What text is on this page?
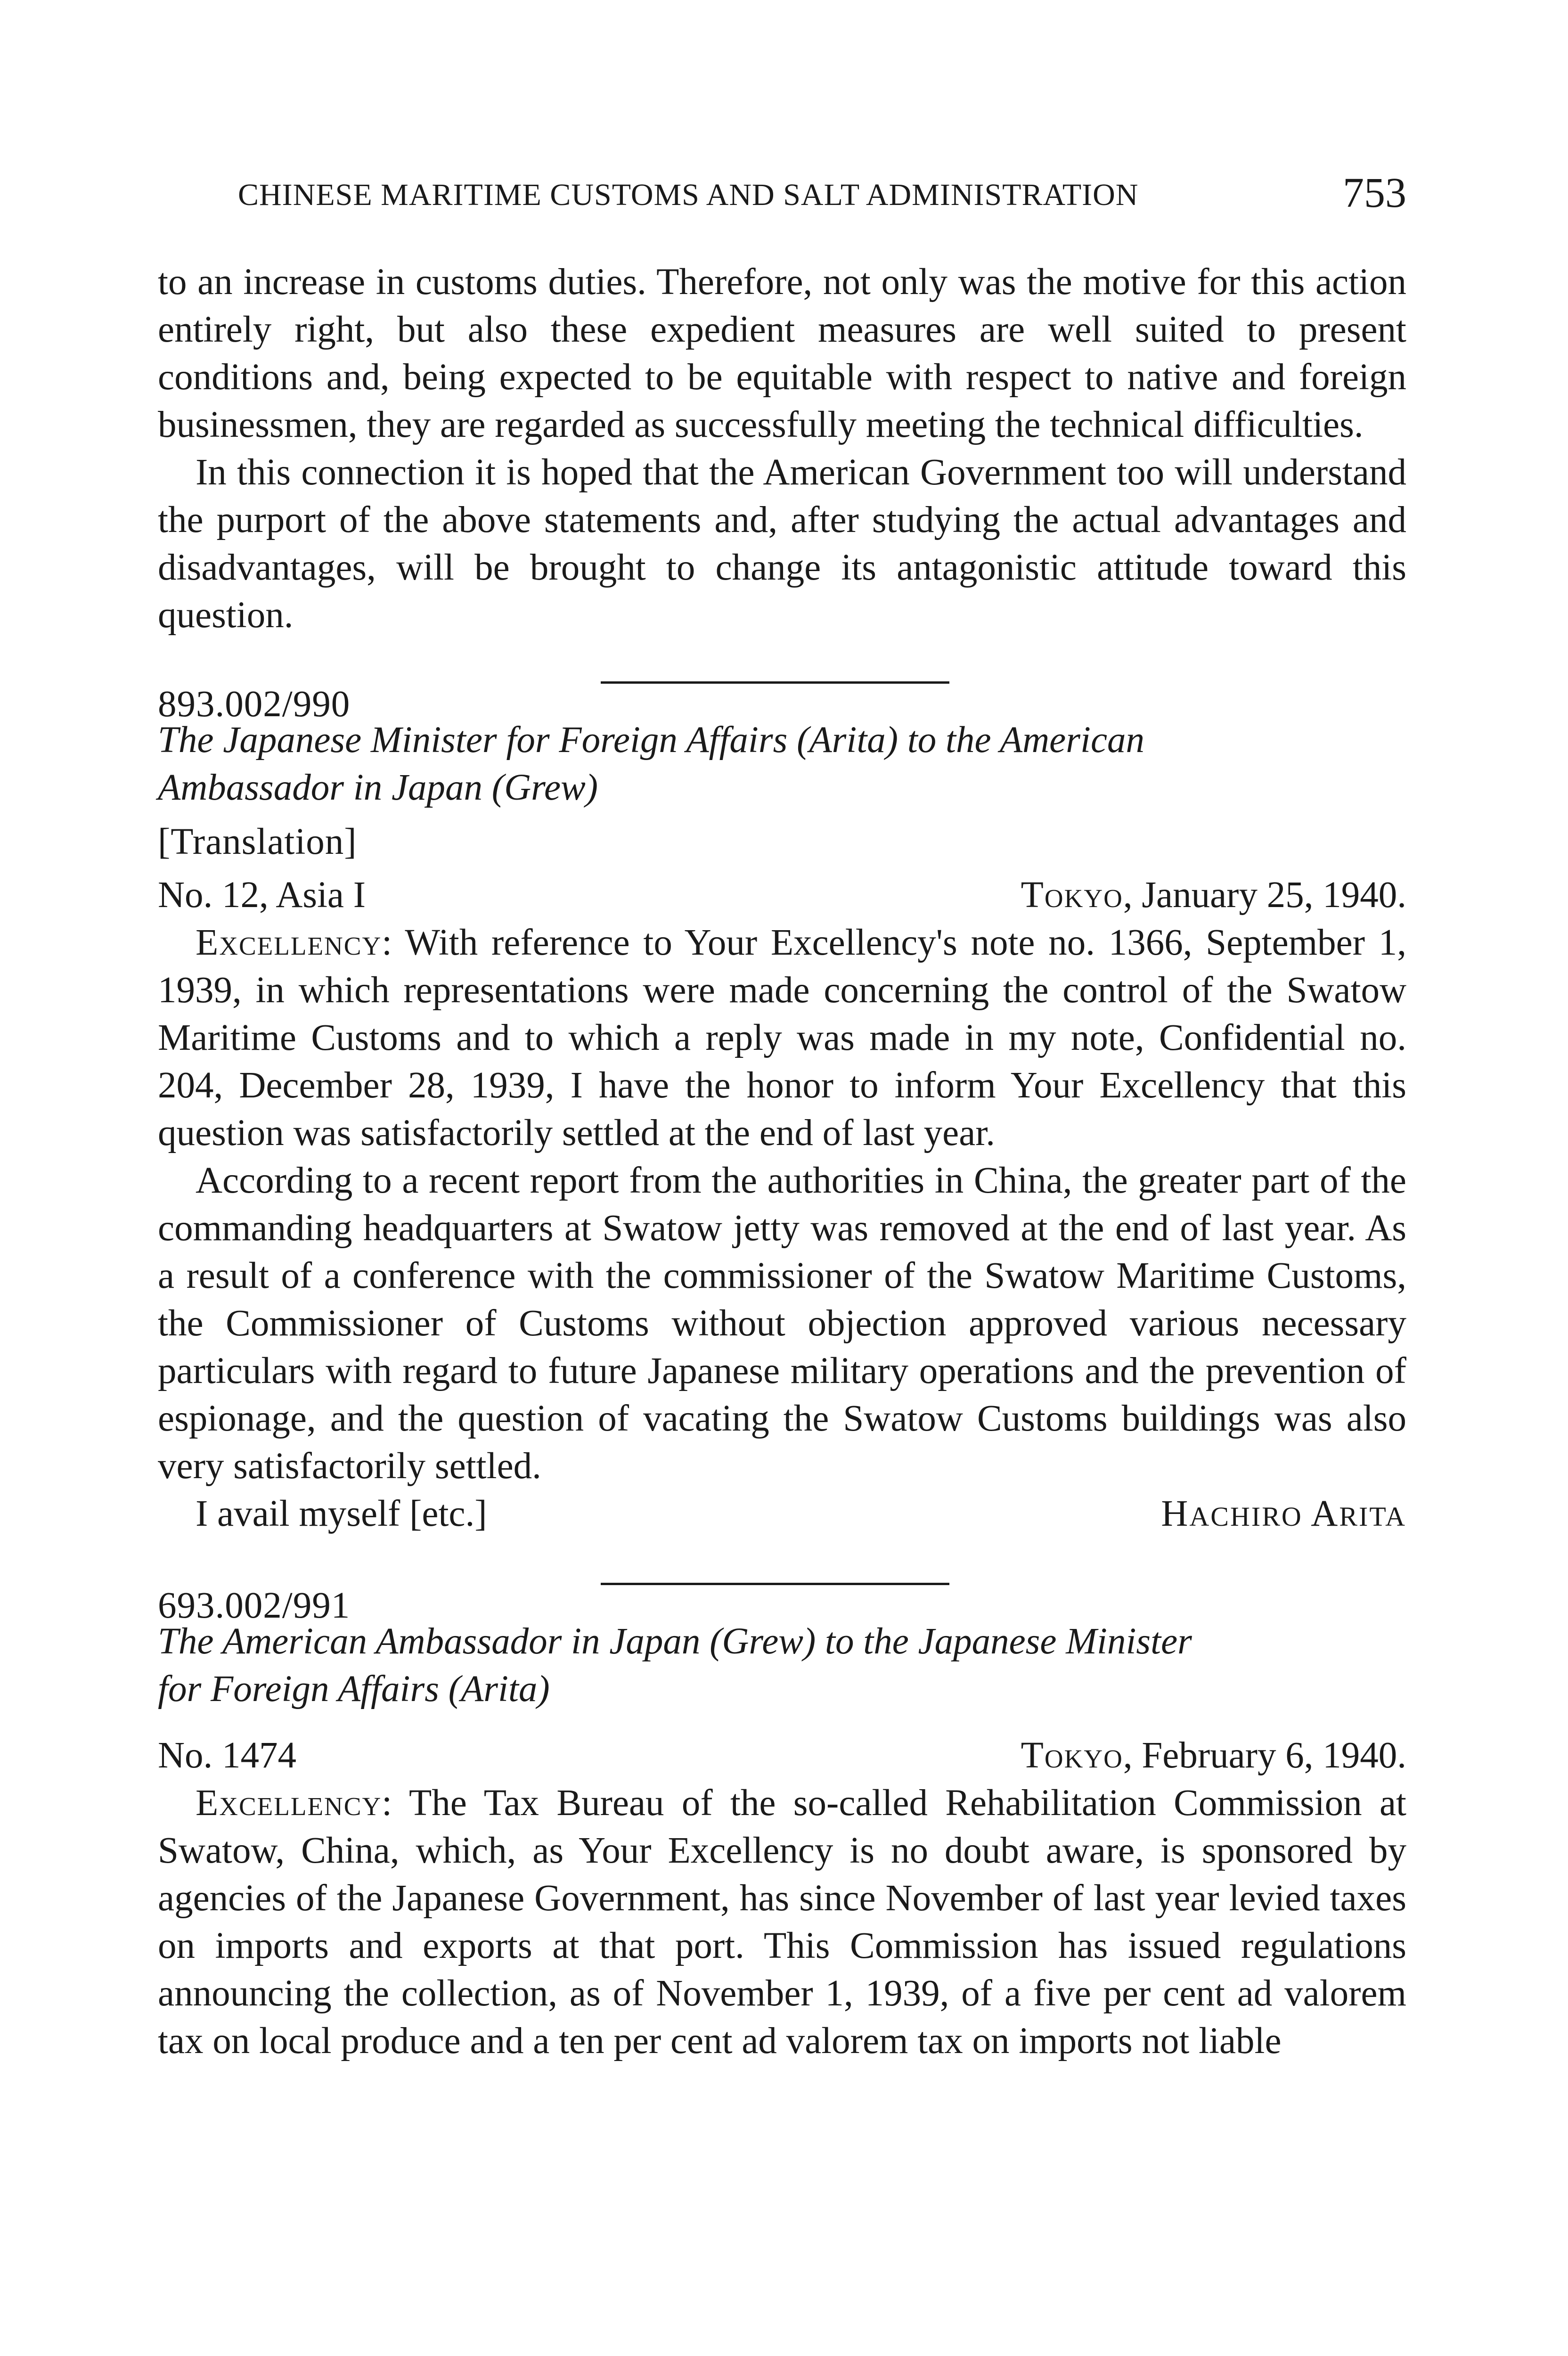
CHINESE MARITIME CUSTOMS AND SALT ADMINISTRATION	753

to an increase in customs duties. Therefore, not only was the motive for this action entirely right, but also these expedient measures are well suited to present conditions and, being expected to be equitable with respect to native and foreign businessmen, they are regarded as successfully meeting the technical difficulties.

In this connection it is hoped that the American Government too will understand the purport of the above statements and, after studying the actual advantages and disadvantages, will be brought to change its antagonistic attitude toward this question.

893.002/990

The Japanese Minister for Foreign Affairs (Arita) to the American

Ambassador in Japan (Grew)

[Translation]

No. 12, Asia I	Tokyo, January 25, 1940.

Excellency: With reference to Your Excellency's note no. 1366, September 1, 1939, in which representations were made concerning the control of the Swatow Maritime Customs and to which a reply was made in my note, Confidential no. 204, December 28, 1939, I have the honor to inform Your Excellency that this question was satisfactorily settled at the end of last year.

According to a recent report from the authorities in China, the greater part of the commanding headquarters at Swatow jetty was removed at the end of last year. As a result of a conference with the commissioner of the Swatow Maritime Customs, the Commissioner of Customs without objection approved various necessary particulars with regard to future Japanese military operations and the prevention of espionage, and the question of vacating the Swatow Customs buildings was also very satisfactorily settled.

I avail myself [etc.]	HACHIRO ARITA

693.002/991

The American Ambassador in Japan (Grew) to the Japanese Minister

for Foreign Affairs (Arita)

No. 1474	Tokyo, February 6, 1940.

Excellency: The Tax Bureau of the so-called Rehabilitation Commission at Swatow, China, which, as Your Excellency is no doubt aware, is sponsored by agencies of the Japanese Government, has since November of last year levied taxes on imports and exports at that port. This Commission has issued regulations announcing the collection, as of November 1, 1939, of a five per cent ad valorem tax on local produce and a ten per cent ad valorem tax on imports not liable
